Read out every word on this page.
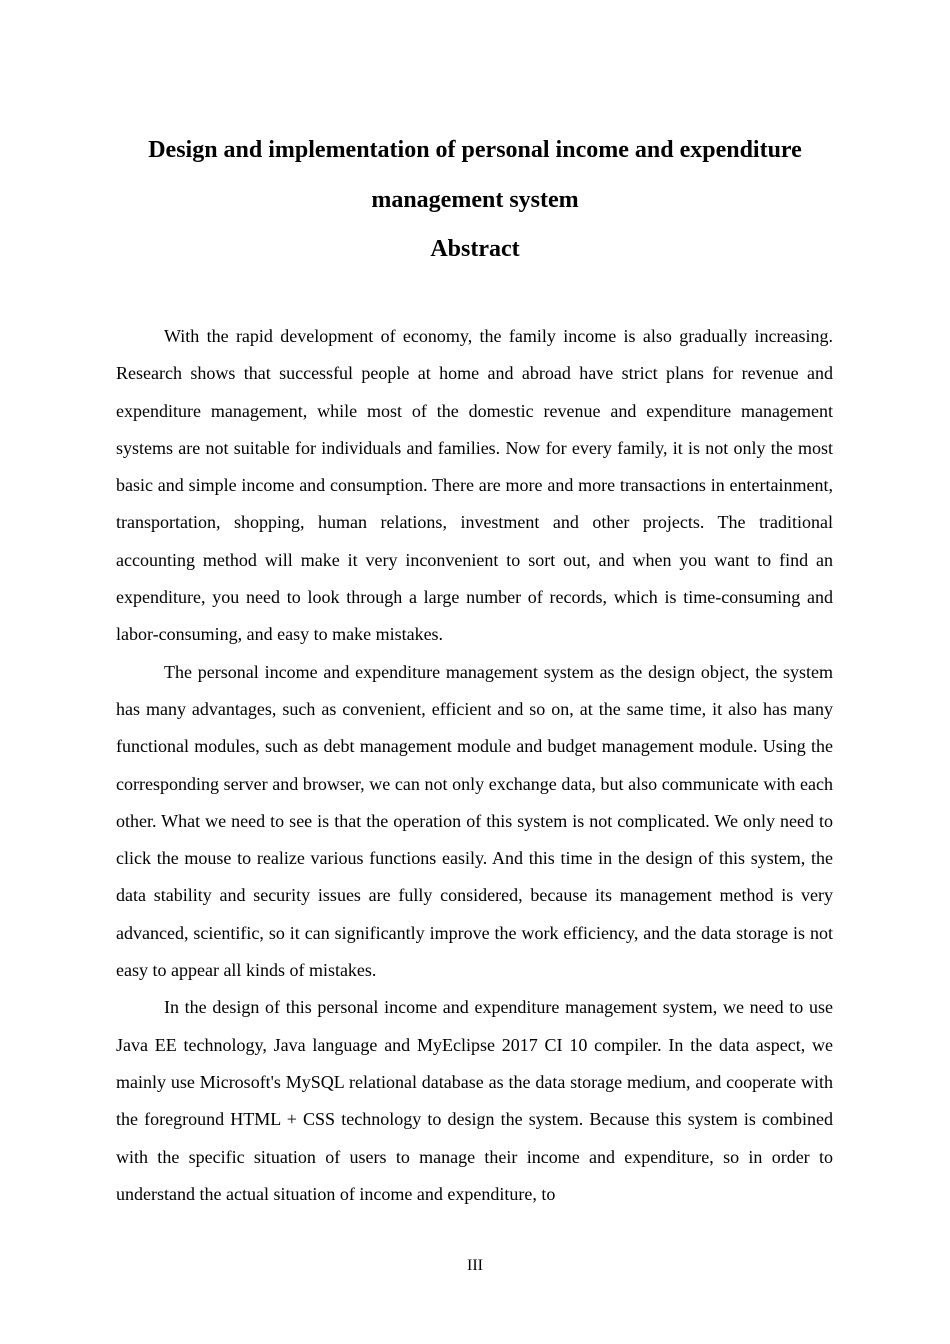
Design and implementation of personal income and expenditure
management system
Abstract

With the rapid development of economy, the family income is also gradually increasing. Research shows that successful people at home and abroad have strict plans for revenue and expenditure management, while most of the domestic revenue and expenditure management systems are not suitable for individuals and families. Now for every family, it is not only the most basic and simple income and consumption. There are more and more transactions in entertainment, transportation, shopping, human relations, investment and other projects. The traditional accounting method will make it very inconvenient to sort out, and when you want to find an expenditure, you need to look through a large number of records, which is time-consuming and labor-consuming, and easy to make mistakes.

The personal income and expenditure management system as the design object, the system has many advantages, such as convenient, efficient and so on, at the same time, it also has many functional modules, such as debt management module and budget management module. Using the corresponding server and browser, we can not only exchange data, but also communicate with each other. What we need to see is that the operation of this system is not complicated. We only need to click the mouse to realize various functions easily. And this time in the design of this system, the data stability and security issues are fully considered, because its management method is very advanced, scientific, so it can significantly improve the work efficiency, and the data storage is not easy to appear all kinds of mistakes.

In the design of this personal income and expenditure management system, we need to use Java EE technology, Java language and MyEclipse 2017 CI 10 compiler. In the data aspect, we mainly use Microsoft's MySQL relational database as the data storage medium, and cooperate with the foreground HTML + CSS technology to design the system. Because this system is combined with the specific situation of users to manage their income and expenditure, so in order to understand the actual situation of income and expenditure, to

III
